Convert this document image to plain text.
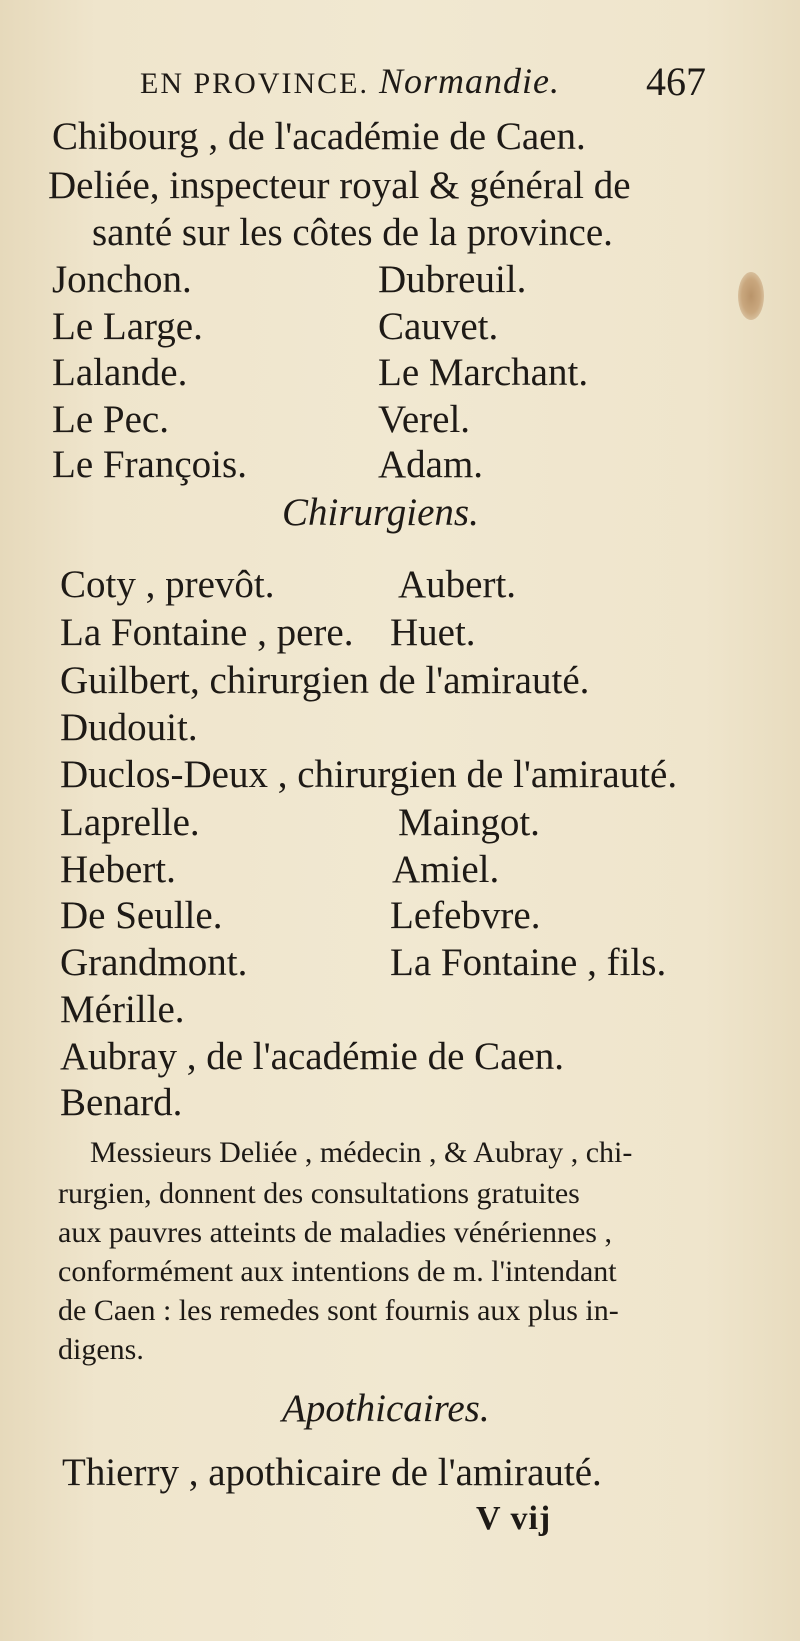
EN PROVINCE. Normandie. 467
Chibourg , de l'académie de Caen.
Deliée, inspecteur royal & général de
santé sur les côtes de la province.
Jonchon.
Le Large.
Lalande.
Le Pec.
Le François.
Dubreuil.
Cauvet.
Le Marchant.
Verel.
Adam.
Chirurgiens.
Coty , prevôt.	Aubert.
La Fontaine , pere. Huet.
Guilbert, chirurgien de l'amirauté.
Dudouit.
Duclos-Deux , chirurgien de l'amirauté.
Laprelle.
Hebert.
De Seulle.
Grandmont.
Maingot.
Amiel.
Lefebvre.
La Fontaine , fils.
Mérille.
Aubray , de l'académie de Caen.
Benard.
Messieurs Deliée , médecin , & Aubray , chi-
rurgien, donnent des consultations gratuites
aux pauvres atteints de maladies vénériennes ,
conformément aux intentions de m. l'intendant
de Caen : les remedes sont fournis aux plus in-
digens.
Apothicaires.
Thierry , apothicaire de l'amirauté.
V vij
